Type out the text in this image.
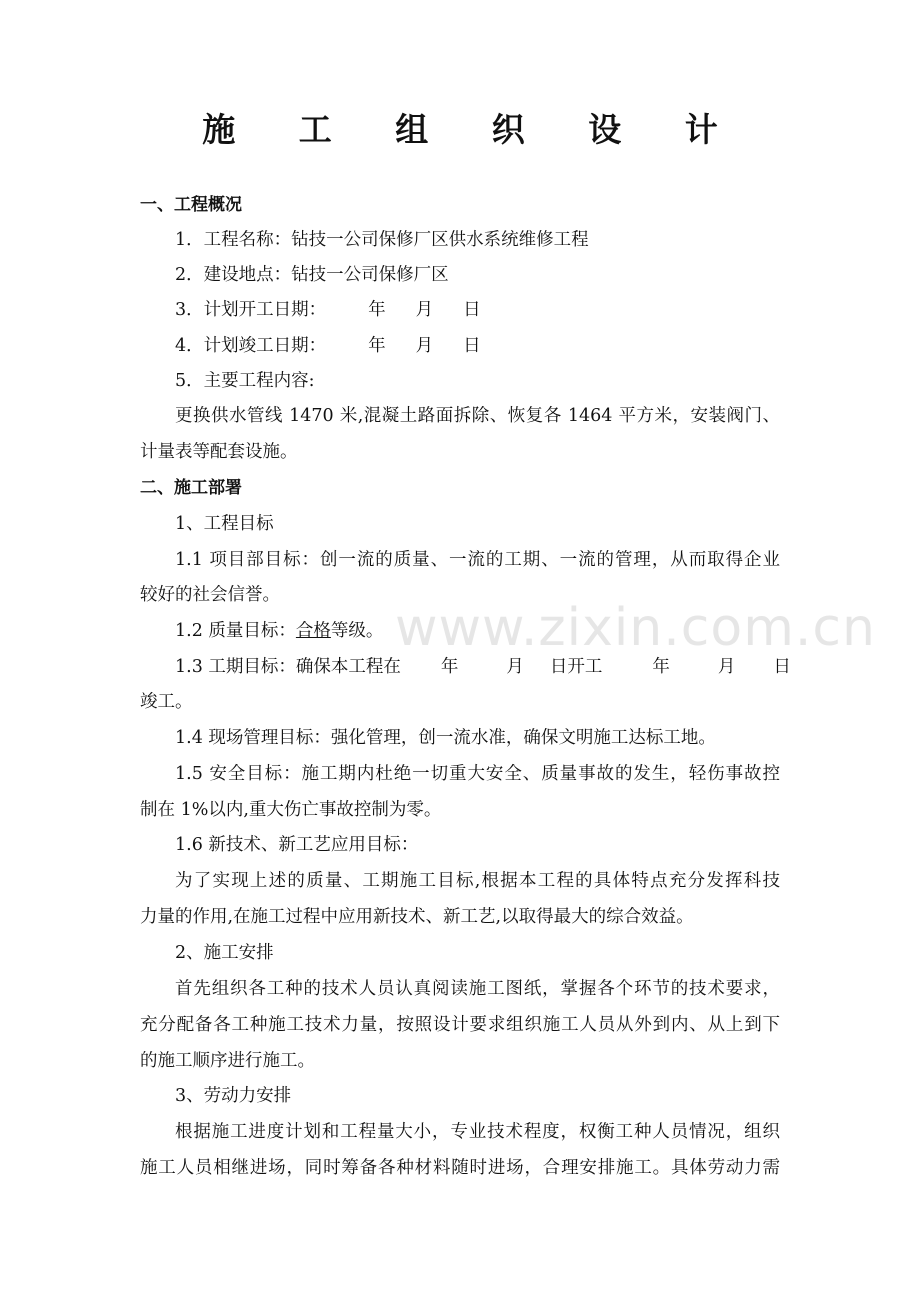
www.zixin.com.cn
施 工 组 织 设 计
一、工程概况
1．工程名称：钻技一公司保修厂区供水系统维修工程
2．建设地点：钻技一公司保修厂区
3．计划开工日期： 年 月 日
4．计划竣工日期： 年 月 日
5．主要工程内容:
更换供水管线 1470 米,混凝土路面拆除、恢复各 1464 平方米，安装阀门、
计量表等配套设施。
二、施工部署
1、工程目标
1.1 项目部目标：创一流的质量、一流的工期、一流的管理，从而取得企业
较好的社会信誉。
1.2 质量目标：合格等级。
1.3 工期目标：确保本工程在 年	月 日开工	年	月 日
竣工。
1.4 现场管理目标：强化管理，创一流水准，确保文明施工达标工地。
1.5 安全目标：施工期内杜绝一切重大安全、质量事故的发生，轻伤事故控
制在 1%以内,重大伤亡事故控制为零。
1.6 新技术、新工艺应用目标：
为了实现上述的质量、工期施工目标,根据本工程的具体特点充分发挥科技
力量的作用,在施工过程中应用新技术、新工艺,以取得最大的综合效益。
2、施工安排
首先组织各工种的技术人员认真阅读施工图纸，掌握各个环节的技术要求，
充分配备各工种施工技术力量，按照设计要求组织施工人员从外到内、从上到下
的施工顺序进行施工。
3、劳动力安排
根据施工进度计划和工程量大小，专业技术程度，权衡工种人员情况，组织
施工人员相继进场，同时筹备各种材料随时进场，合理安排施工。具体劳动力需
